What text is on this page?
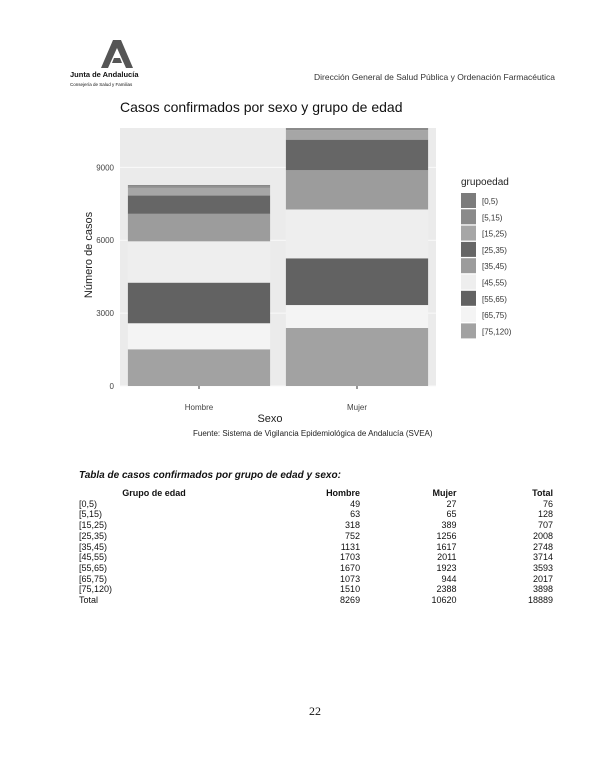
Junta de Andalucía
Consejería de Salud y Familias
Dirección General de Salud Pública y Ordenación Farmacéutica
Casos confirmados por sexo y grupo de edad
0
3000
6000
9000
Hombre	Mujer
grupoedad
[0,5)
[5,15)
[15,25)
[25,35)
[35,45)
[45,55)
[55,65)
[65,75)
[75,120)
Número de casos
Sexo
Fuente: Sistema de Vigilancia Epidemiológica de Andalucía (SVEA)
Tabla de casos confirmados por grupo de edad y sexo:
Grupo de edad	Hombre	Mujer	Total
[0,5)	49	27	76
[5,15)	63	65	128
[15,25)	318	389	707
[25,35)	752	1256	2008
[35,45)	1131	1617	2748
[45,55)	1703	2011	3714
[55,65)	1670	1923	3593
[65,75)	1073	944	2017
[75,120)	1510	2388	3898
Total	8269	10620	18889
22
